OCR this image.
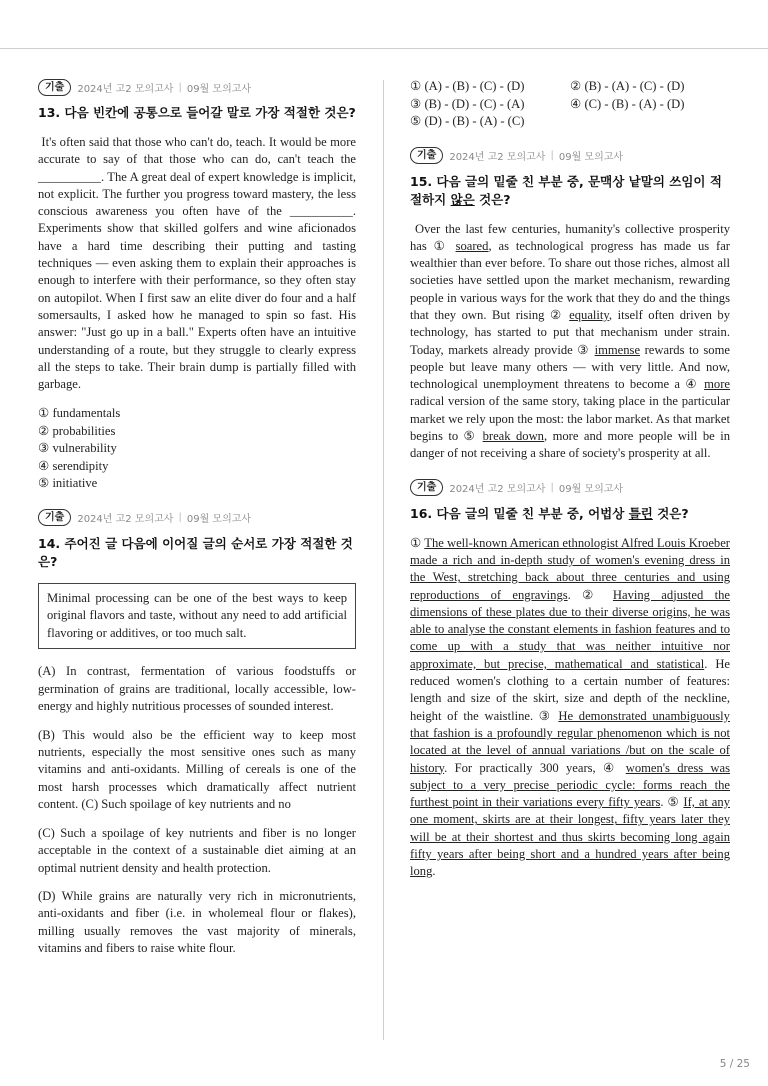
기출	2024년 고2 모의고사 | 09월 모의고사
13. 다음 빈칸에 공통으로 들어갈 말로 가장 적절한 것은?
It's often said that those who can't do, teach. It would be more accurate to say of that those who can do, can't teach the __________. The A great deal of expert knowledge is implicit, not explicit. The further you progress toward mastery, the less conscious awareness you often have of the __________. Experiments show that skilled golfers and wine aficionados have a hard time describing their putting and tasting techniques — even asking them to explain their approaches is enough to interfere with their performance, so they often stay on autopilot. When I first saw an elite diver do four and a half somersaults, I asked how he managed to spin so fast. His answer: "Just go up in a ball." Experts often have an intuitive understanding of a route, but they struggle to clearly express all the steps to take. Their brain dump is partially filled with garbage.
① fundamentals
② probabilities
③ vulnerability
④ serendipity
⑤ initiative
기출	2024년 고2 모의고사 | 09월 모의고사
14. 주어진 글 다음에 이어질 글의 순서로 가장 적절한 것은?
Minimal processing can be one of the best ways to keep original flavors and taste, without any need to add artificial flavoring or additives, or too much salt.
(A) In contrast, fermentation of various foodstuffs or germination of grains are traditional, locally accessible, low-energy and highly nutritious processes of sounded interest.
(B) This would also be the efficient way to keep most nutrients, especially the most sensitive ones such as many vitamins and anti-oxidants. Milling of cereals is one of the most harsh processes which dramatically affect nutrient content. (C) Such spoilage of key nutrients and no
(C) Such a spoilage of key nutrients and fiber is no longer acceptable in the context of a sustainable diet aiming at an optimal nutrient density and health protection.
(D) While grains are naturally very rich in micronutrients, anti-oxidants and fiber (i.e. in wholemeal flour or flakes), milling usually removes the vast majority of minerals, vitamins and fibers to raise white flour.
① (A) - (B) - (C) - (D)	② (B) - (A) - (C) - (D)
③ (B) - (D) - (C) - (A)	④ (C) - (B) - (A) - (D)
⑤ (D) - (B) - (A) - (C)
기출	2024년 고2 모의고사 | 09월 모의고사
15. 다음 글의 밑줄 친 부분 중, 문맥상 낱말의 쓰임이 적절하지 않은 것은?
Over the last few centuries, humanity's collective prosperity has ① soared, as technological progress has made us far wealthier than ever before. To share out those riches, almost all societies have settled upon the market mechanism, rewarding people in various ways for the work that they do and the things that they own. But rising ② equality, itself often driven by technology, has started to put that mechanism under strain. Today, markets already provide ③ immense rewards to some people but leave many others — with very little. And now, technological unemployment threatens to become a ④ more radical version of the same story, taking place in the particular market we rely upon the most: the labor market. As that market begins to ⑤ break down, more and more people will be in danger of not receiving a share of society's prosperity at all.
기출	2024년 고2 모의고사 | 09월 모의고사
16. 다음 글의 밑줄 친 부분 중, 어법상 틀린 것은?
① The well-known American ethnologist Alfred Louis Kroeber made a rich and in-depth study of women's evening dress in the West, stretching back about three centuries and using reproductions of engravings. ② Having adjusted the dimensions of these plates due to their diverse origins, he was able to analyse the constant elements in fashion features and to come up with a study that was neither intuitive nor approximate, but precise, mathematical and statistical. He reduced women's clothing to a certain number of features: length and size of the skirt, size and depth of the neckline, height of the waistline. ③ He demonstrated unambiguously that fashion is a profoundly regular phenomenon which is not located at the level of annual variations /but on the scale of history. For practically 300 years, ④ women's dress was subject to a very precise periodic cycle: forms reach the furthest point in their variations every fifty years. ⑤ If, at any one moment, skirts are at their longest, fifty years later they will be at their shortest and thus skirts becoming long again fifty years after being short and a hundred years after being long.
5 / 25
